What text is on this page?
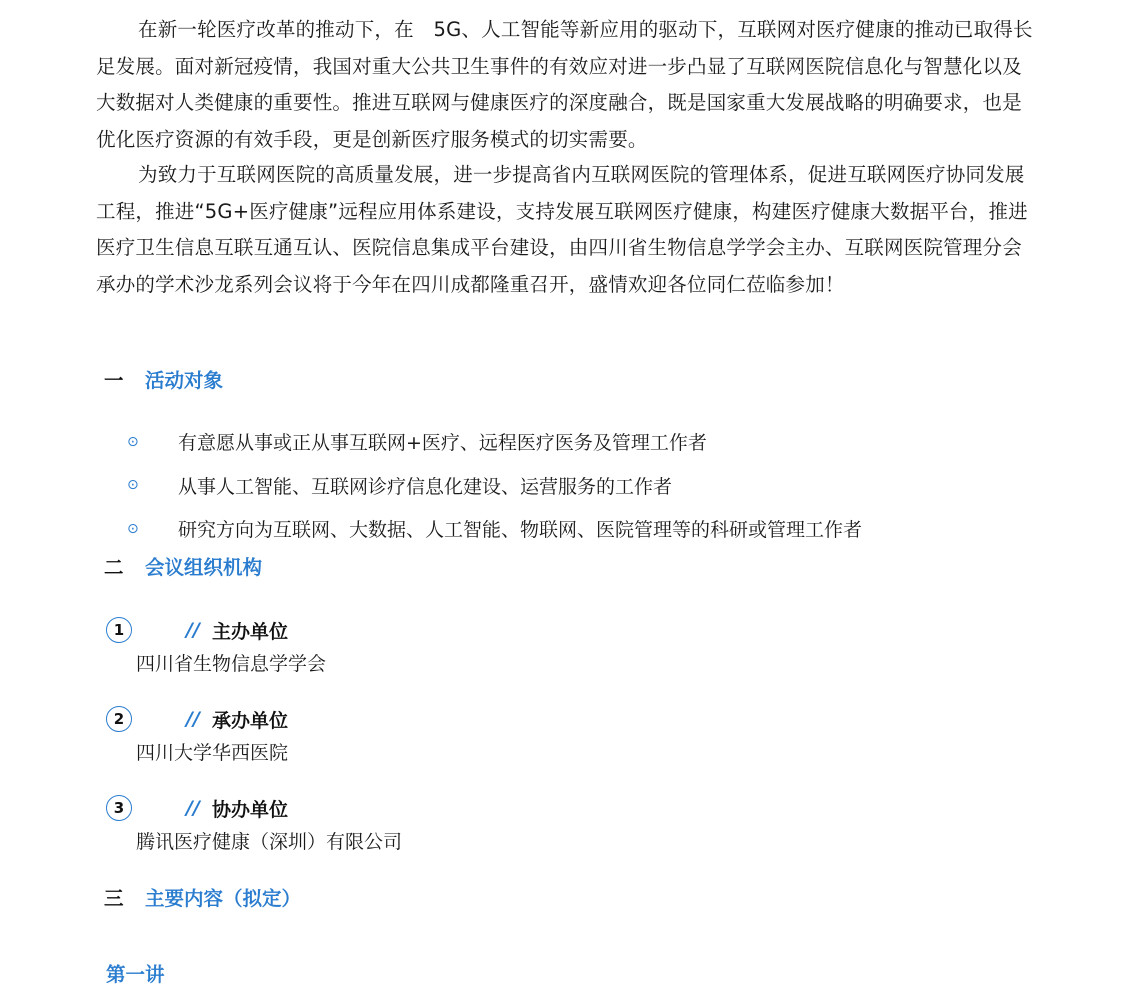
在新一轮医疗改革的推动下，在　5G、人工智能等新应用的驱动下，互联网对医疗健康的推动已取得长足发展。面对新冠疫情，我国对重大公共卫生事件的有效应对进一步凸显了互联网医院信息化与智慧化以及大数据对人类健康的重要性。推进互联网与健康医疗的深度融合，既是国家重大发展战略的明确要求，也是优化医疗资源的有效手段，更是创新医疗服务模式的切实需要。

为致力于互联网医院的高质量发展，进一步提高省内互联网医院的管理体系，促进互联网医疗协同发展工程，推进“5G+医疗健康”远程应用体系建设，支持发展互联网医疗健康，构建医疗健康大数据平台，推进医疗卫生信息互联互通互认、医院信息集成平台建设，由四川省生物信息学学会主办、互联网医院管理分会承办的学术沙龙系列会议将于今年在四川成都隆重召开，盛情欢迎各位同仁莅临参加！

一	活动对象
⊙	有意愿从事或正从事互联网+医疗、远程医疗医务及管理工作者
⊙	从事人工智能、互联网诊疗信息化建设、运营服务的工作者
⊙	研究方向为互联网、大数据、人工智能、物联网、医院管理等的科研或管理工作者
二	会议组织机构
1	// 主办单位
四川省生物信息学学会
2	// 承办单位
四川大学华西医院
3	// 协办单位
腾讯医疗健康（深圳）有限公司
三	主要内容（拟定）
第一讲
